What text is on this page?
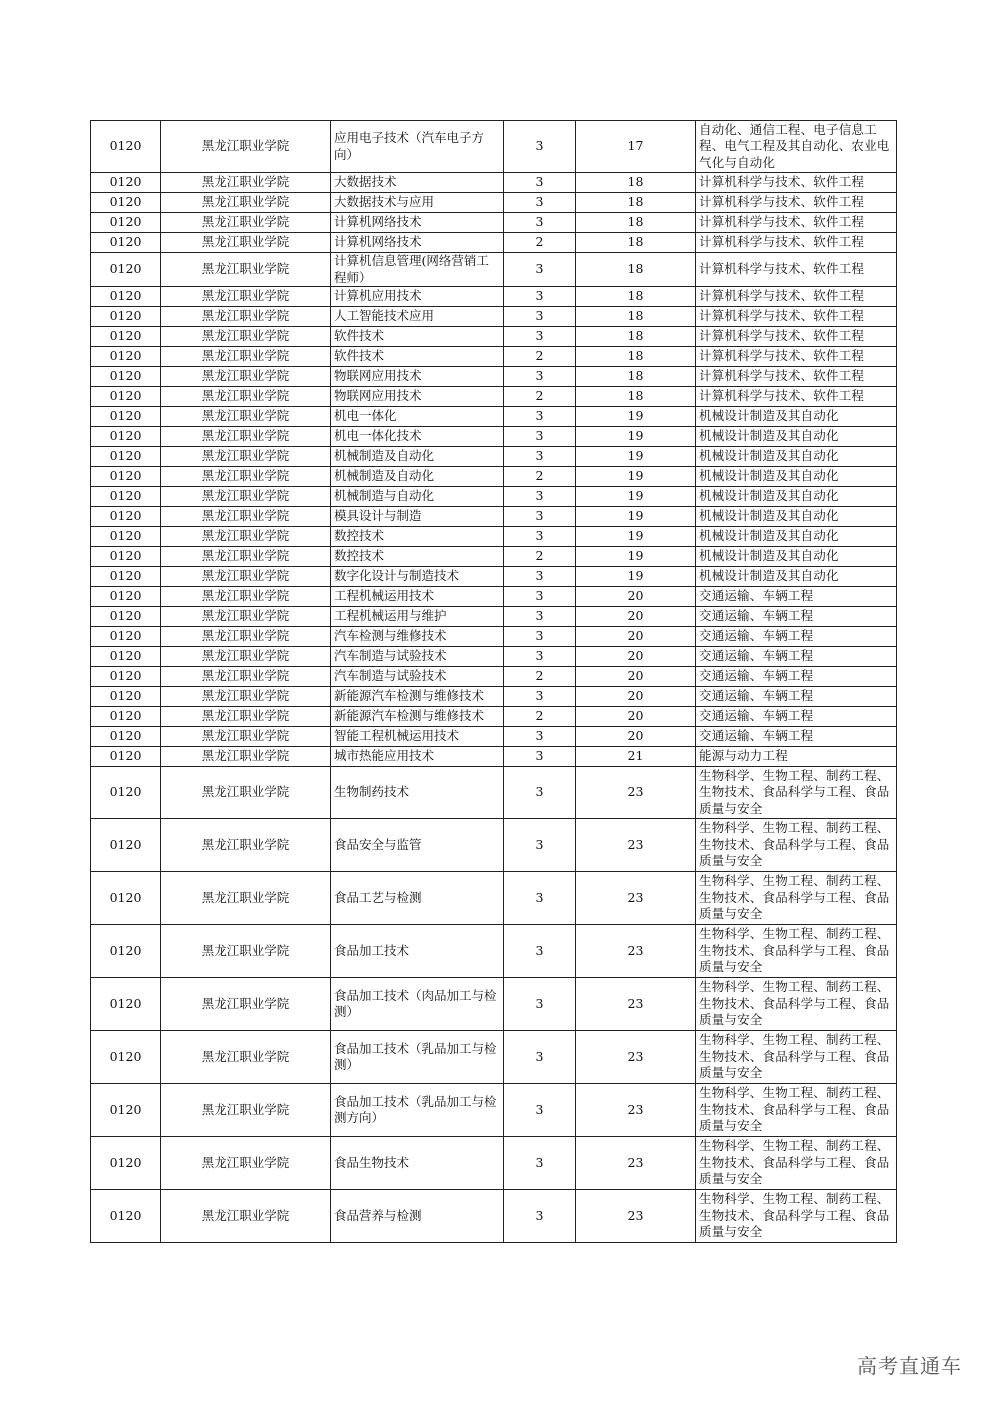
0120	黑龙江职业学院	应用电子技术（汽车电子方向）	3	17	自动化、通信工程、电子信息工程、电气工程及其自动化、农业电气化与自动化
0120	黑龙江职业学院	大数据技术	3	18	计算机科学与技术、软件工程
0120	黑龙江职业学院	大数据技术与应用	3	18	计算机科学与技术、软件工程
0120	黑龙江职业学院	计算机网络技术	3	18	计算机科学与技术、软件工程
0120	黑龙江职业学院	计算机网络技术	2	18	计算机科学与技术、软件工程
0120	黑龙江职业学院	计算机信息管理(网络营销工程师）	3	18	计算机科学与技术、软件工程
0120	黑龙江职业学院	计算机应用技术	3	18	计算机科学与技术、软件工程
0120	黑龙江职业学院	人工智能技术应用	3	18	计算机科学与技术、软件工程
0120	黑龙江职业学院	软件技术	3	18	计算机科学与技术、软件工程
0120	黑龙江职业学院	软件技术	2	18	计算机科学与技术、软件工程
0120	黑龙江职业学院	物联网应用技术	3	18	计算机科学与技术、软件工程
0120	黑龙江职业学院	物联网应用技术	2	18	计算机科学与技术、软件工程
0120	黑龙江职业学院	机电一体化	3	19	机械设计制造及其自动化
0120	黑龙江职业学院	机电一体化技术	3	19	机械设计制造及其自动化
0120	黑龙江职业学院	机械制造及自动化	3	19	机械设计制造及其自动化
0120	黑龙江职业学院	机械制造及自动化	2	19	机械设计制造及其自动化
0120	黑龙江职业学院	机械制造与自动化	3	19	机械设计制造及其自动化
0120	黑龙江职业学院	模具设计与制造	3	19	机械设计制造及其自动化
0120	黑龙江职业学院	数控技术	3	19	机械设计制造及其自动化
0120	黑龙江职业学院	数控技术	2	19	机械设计制造及其自动化
0120	黑龙江职业学院	数字化设计与制造技术	3	19	机械设计制造及其自动化
0120	黑龙江职业学院	工程机械运用技术	3	20	交通运输、车辆工程
0120	黑龙江职业学院	工程机械运用与维护	3	20	交通运输、车辆工程
0120	黑龙江职业学院	汽车检测与维修技术	3	20	交通运输、车辆工程
0120	黑龙江职业学院	汽车制造与试验技术	3	20	交通运输、车辆工程
0120	黑龙江职业学院	汽车制造与试验技术	2	20	交通运输、车辆工程
0120	黑龙江职业学院	新能源汽车检测与维修技术	3	20	交通运输、车辆工程
0120	黑龙江职业学院	新能源汽车检测与维修技术	2	20	交通运输、车辆工程
0120	黑龙江职业学院	智能工程机械运用技术	3	20	交通运输、车辆工程
0120	黑龙江职业学院	城市热能应用技术	3	21	能源与动力工程
0120	黑龙江职业学院	生物制药技术	3	23	生物科学、生物工程、制药工程、生物技术、食品科学与工程、食品质量与安全
0120	黑龙江职业学院	食品安全与监管	3	23	生物科学、生物工程、制药工程、生物技术、食品科学与工程、食品质量与安全
0120	黑龙江职业学院	食品工艺与检测	3	23	生物科学、生物工程、制药工程、生物技术、食品科学与工程、食品质量与安全
0120	黑龙江职业学院	食品加工技术	3	23	生物科学、生物工程、制药工程、生物技术、食品科学与工程、食品质量与安全
0120	黑龙江职业学院	食品加工技术（肉品加工与检测）	3	23	生物科学、生物工程、制药工程、生物技术、食品科学与工程、食品质量与安全
0120	黑龙江职业学院	食品加工技术（乳品加工与检测）	3	23	生物科学、生物工程、制药工程、生物技术、食品科学与工程、食品质量与安全
0120	黑龙江职业学院	食品加工技术（乳品加工与检测方向）	3	23	生物科学、生物工程、制药工程、生物技术、食品科学与工程、食品质量与安全
0120	黑龙江职业学院	食品生物技术	3	23	生物科学、生物工程、制药工程、生物技术、食品科学与工程、食品质量与安全
0120	黑龙江职业学院	食品营养与检测	3	23	生物科学、生物工程、制药工程、生物技术、食品科学与工程、食品质量与安全
高考直通车
